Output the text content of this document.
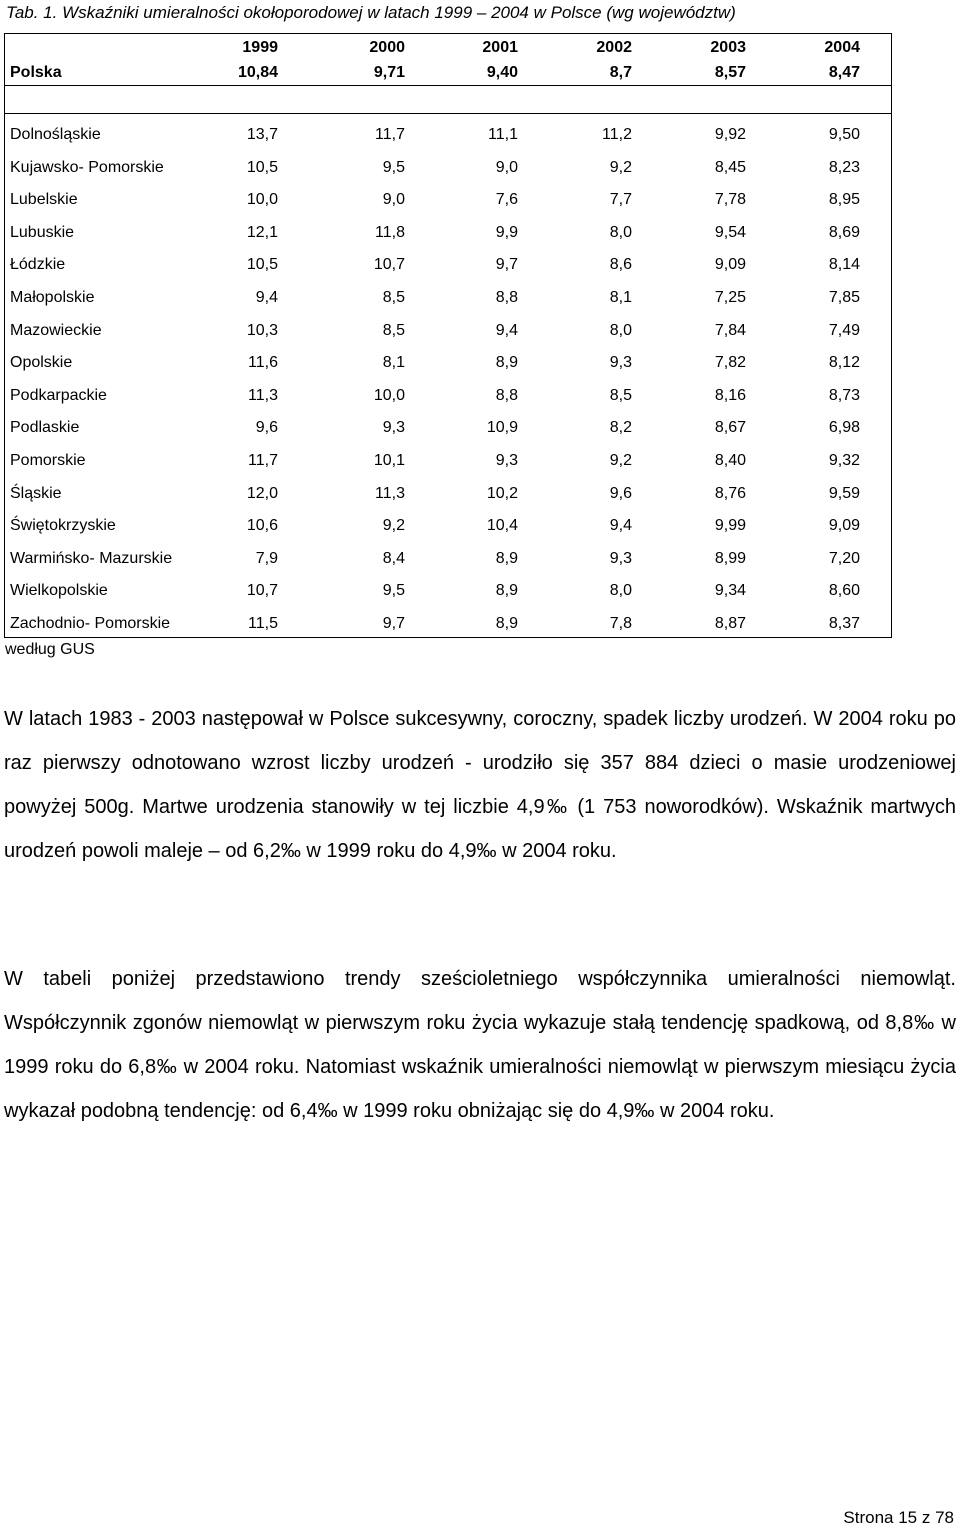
Tab. 1. Wskaźniki umieralności okołoporodowej w latach 1999 – 2004 w Polsce (wg województw)
1999	2000	2001	2002	2003	2004
Polska	10,84	9,71	9,40	8,7	8,57	8,47
Dolnośląskie	13,7	11,7	11,1	11,2	9,92	9,50
Kujawsko- Pomorskie	10,5	9,5	9,0	9,2	8,45	8,23
Lubelskie	10,0	9,0	7,6	7,7	7,78	8,95
Lubuskie	12,1	11,8	9,9	8,0	9,54	8,69
Łódzkie	10,5	10,7	9,7	8,6	9,09	8,14
Małopolskie	9,4	8,5	8,8	8,1	7,25	7,85
Mazowieckie	10,3	8,5	9,4	8,0	7,84	7,49
Opolskie	11,6	8,1	8,9	9,3	7,82	8,12
Podkarpackie	11,3	10,0	8,8	8,5	8,16	8,73
Podlaskie	9,6	9,3	10,9	8,2	8,67	6,98
Pomorskie	11,7	10,1	9,3	9,2	8,40	9,32
Śląskie	12,0	11,3	10,2	9,6	8,76	9,59
Świętokrzyskie	10,6	9,2	10,4	9,4	9,99	9,09
Warmińsko- Mazurskie	7,9	8,4	8,9	9,3	8,99	7,20
Wielkopolskie	10,7	9,5	8,9	8,0	9,34	8,60
Zachodnio- Pomorskie	11,5	9,7	8,9	7,8	8,87	8,37
według GUS

W latach 1983 - 2003 następował w Polsce sukcesywny, coroczny, spadek liczby urodzeń. W 2004 roku po raz pierwszy odnotowano wzrost liczby urodzeń - urodziło się 357 884 dzieci o masie urodzeniowej powyżej 500g. Martwe urodzenia stanowiły w tej liczbie 4,9‰ (1 753 noworodków). Wskaźnik martwych urodzeń powoli maleje – od 6,2‰ w 1999 roku do 4,9‰ w 2004 roku.

W tabeli poniżej przedstawiono trendy sześcioletniego współczynnika umieralności niemowląt. Współczynnik zgonów niemowląt w pierwszym roku życia wykazuje stałą tendencję spadkową, od 8,8‰ w 1999 roku do 6,8‰ w 2004 roku. Natomiast wskaźnik umieralności niemowląt w pierwszym miesiącu życia wykazał podobną tendencję: od 6,4‰ w 1999 roku obniżając się do 4,9‰ w 2004 roku.

Strona 15 z 78
